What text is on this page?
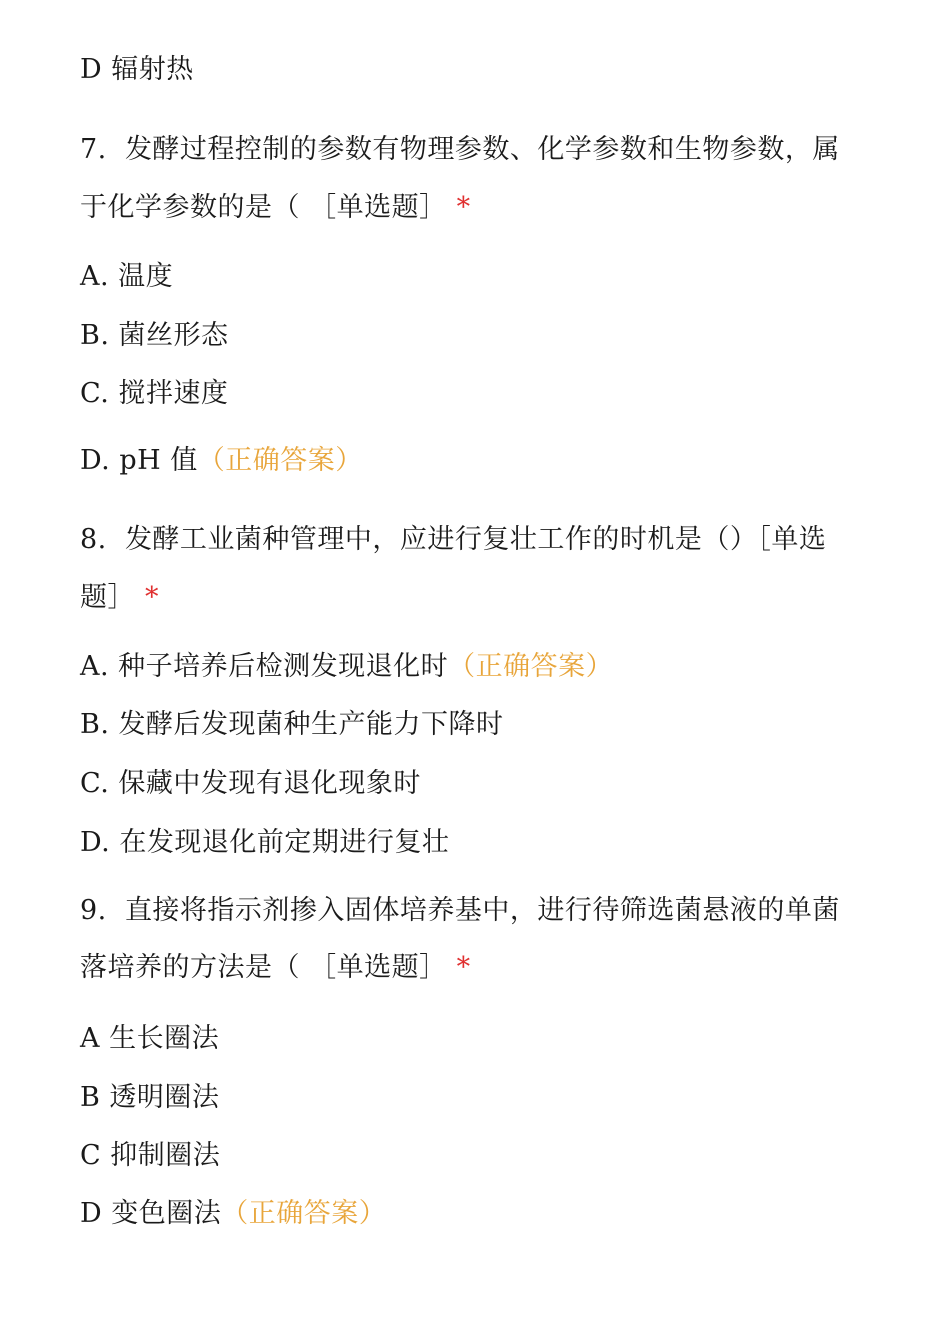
D 辐射热
7. 发酵过程控制的参数有物理参数、化学参数和生物参数，属
于化学参数的是（ ［单选题］ *
A. 温度
B. 菌丝形态
C. 搅拌速度
D. pH 值（正确答案）
8. 发酵工业菌种管理中，应进行复壮工作的时机是（）［单选
题］ *
A. 种子培养后检测发现退化时（正确答案）
B. 发酵后发现菌种生产能力下降时
C. 保藏中发现有退化现象时
D. 在发现退化前定期进行复壮
9. 直接将指示剂掺入固体培养基中，进行待筛选菌悬液的单菌
落培养的方法是（ ［单选题］ *
A 生长圈法
B 透明圈法
C 抑制圈法
D 变色圈法（正确答案）
